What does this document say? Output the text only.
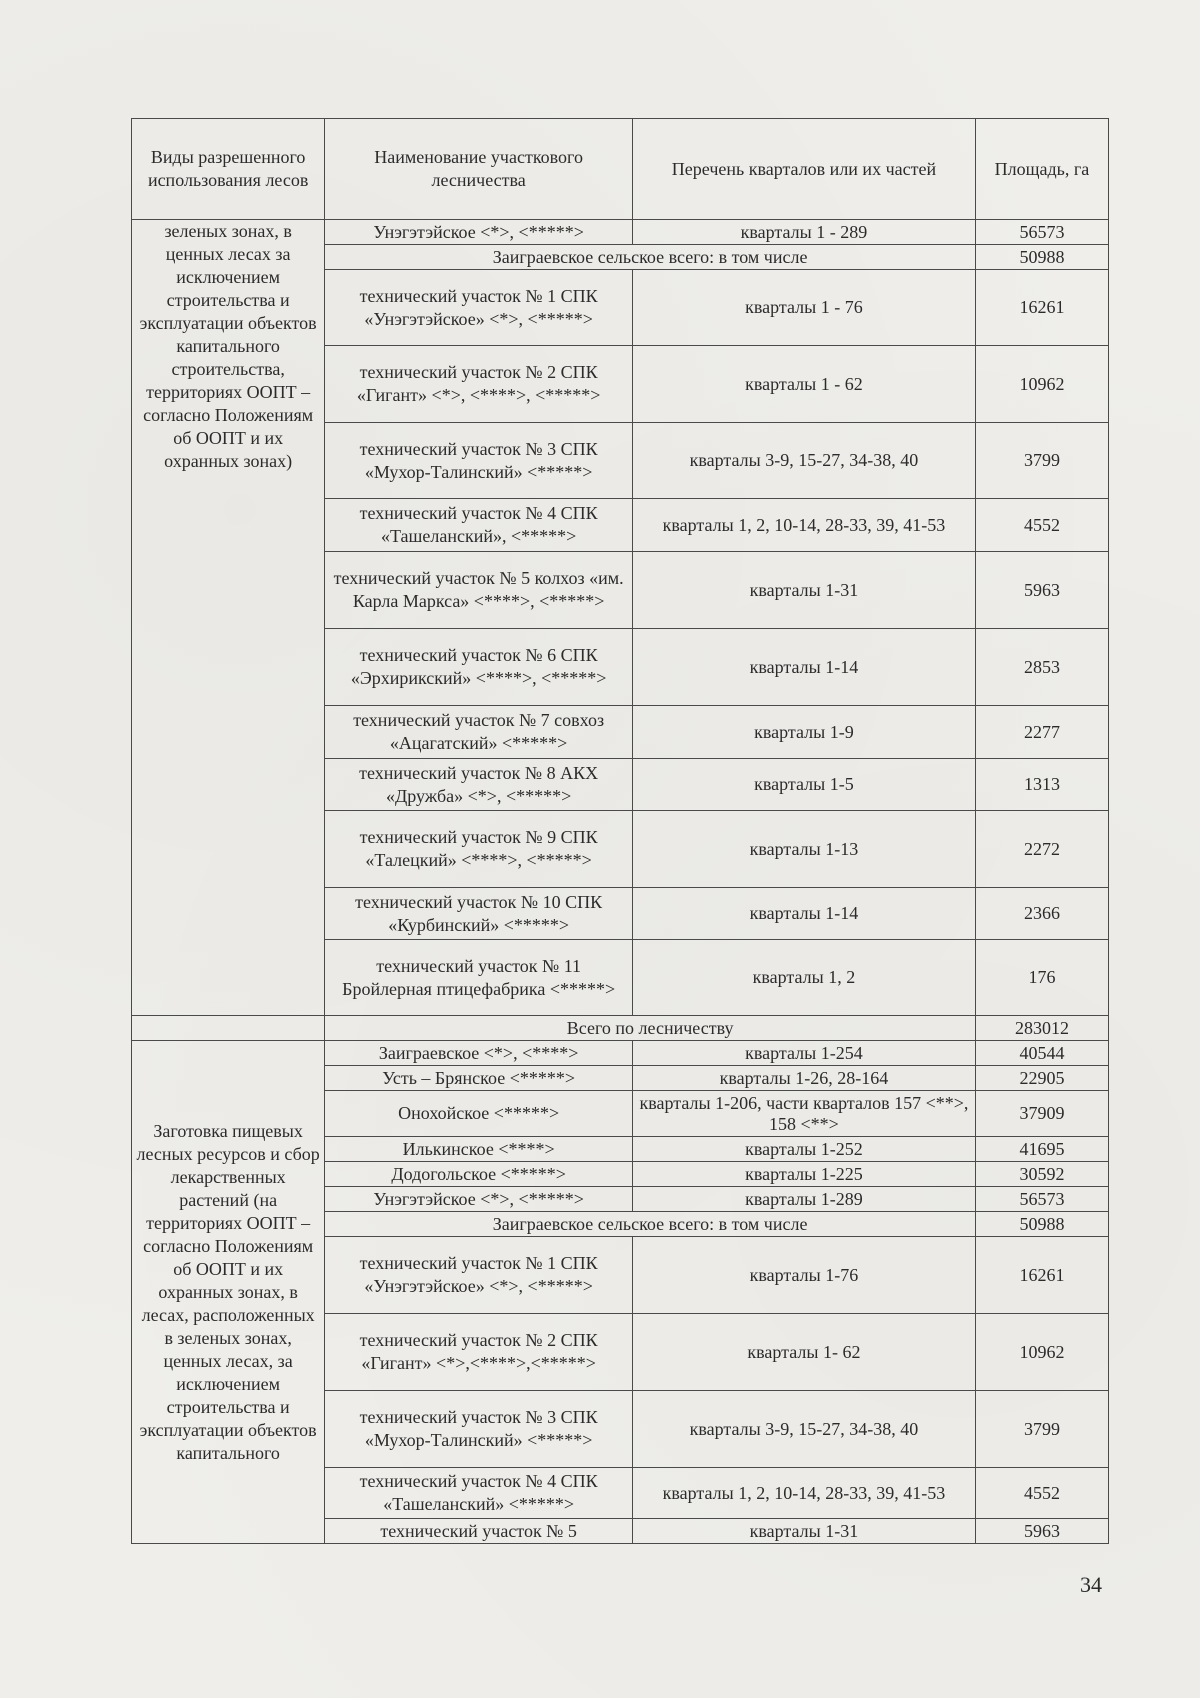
Виды разрешенного использования лесов	Наименование участкового лесничества	Перечень кварталов или их частей	Площадь, га
зеленых зонах, в ценных лесах за исключением строительства и эксплуатации объектов капитального строительства, территориях ООПТ – согласно Положениям об ООПТ и их охранных зонах)	Унэгэтэйское <*>, <*****>	кварталы 1 - 289	56573
	Заиграевское сельское всего: в том числе		50988
	технический участок № 1 СПК «Унэгэтэйское» <*>, <*****>	кварталы 1 - 76	16261
	технический участок № 2 СПК «Гигант» <*>, <****>, <*****>	кварталы 1 - 62	10962
	технический участок № 3 СПК «Мухор-Талинский» <*****>	кварталы 3-9, 15-27, 34-38, 40	3799
	технический участок № 4 СПК «Ташеланский», <*****>	кварталы 1, 2, 10-14, 28-33, 39, 41-53	4552
	технический участок № 5 колхоз «им. Карла Маркса» <****>, <*****>	кварталы 1-31	5963
	технический участок № 6 СПК «Эрхирикский» <****>, <*****>	кварталы 1-14	2853
	технический участок № 7 совхоз «Ацагатский» <*****>	кварталы 1-9	2277
	технический участок № 8 АКХ «Дружба» <*>, <*****>	кварталы 1-5	1313
	технический участок № 9 СПК «Талецкий» <****>, <*****>	кварталы 1-13	2272
	технический участок № 10 СПК «Курбинский» <*****>	кварталы 1-14	2366
	технический участок № 11 Бройлерная птицефабрика <*****>	кварталы 1, 2	176
	Всего по лесничеству		283012
Заготовка пищевых лесных ресурсов и сбор лекарственных растений (на территориях ООПТ – согласно Положениям об ООПТ и их охранных зонах, в лесах, расположенных в зеленых зонах, ценных лесах, за исключением строительства и эксплуатации объектов капитального	Заиграевское <*>, <****>	кварталы 1-254	40544
	Усть – Брянское <*****>	кварталы 1-26, 28-164	22905
	Онохойское <*****>	кварталы 1-206, части кварталов 157 <**>, 158 <**>	37909
	Илькинское <****>	кварталы 1-252	41695
	Додогольское <*****>	кварталы 1-225	30592
	Унэгэтэйское <*>, <*****>	кварталы 1-289	56573
	Заиграевское сельское всего: в том числе		50988
	технический участок № 1 СПК «Унэгэтэйское» <*>, <*****>	кварталы 1-76	16261
	технический участок № 2 СПК «Гигант» <*>,<****>,<*****>	кварталы 1- 62	10962
	технический участок № 3 СПК «Мухор-Талинский» <*****>	кварталы 3-9, 15-27, 34-38, 40	3799
	технический участок № 4 СПК «Ташеланский» <*****>	кварталы 1, 2, 10-14, 28-33, 39, 41-53	4552
	технический участок № 5	кварталы 1-31	5963
34
